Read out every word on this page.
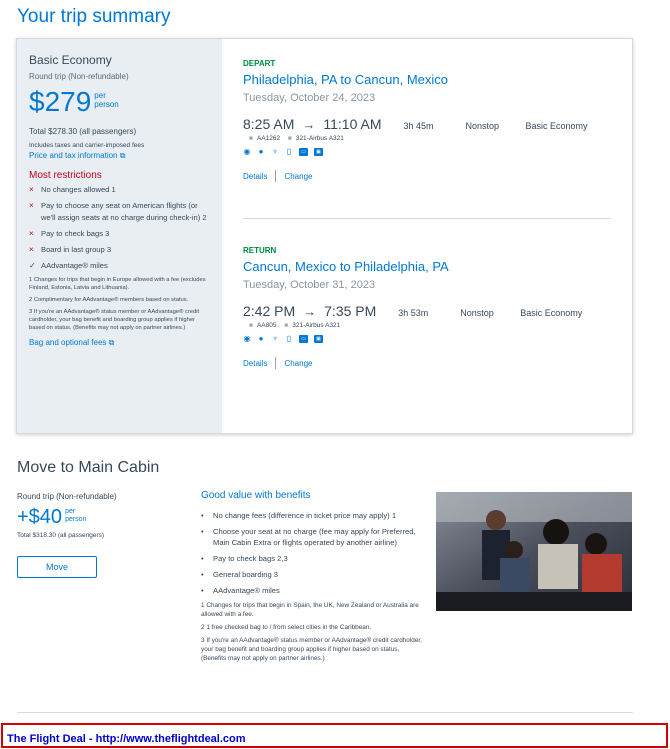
Your trip summary
Basic Economy
Round trip (Non-refundable)
$279 per
person
Total $278.30 (all passengers)
Includes taxes and carrier-imposed fees
Price and tax information ⧉
Most restrictions
× No changes allowed 1
× Pay to choose any seat on American flights (or we'll assign seats at no charge during check-in) 2
× Pay to check bags 3
× Board in last group 3
✓ AAdvantage® miles

1 Changes for trips that begin in Europe allowed with a fee (excludes Finland, Estonia, Latvia and Lithuania).

2 Complimentary for AAdvantage® members based on status.

3 If you're an AAdvantage® status member or AAdvantage® credit cardholder, your bag benefit and boarding group applies if higher based on status. (Benefits may not apply on partner airlines.)

Bag and optional fees ⧉
DEPART
Philadelphia, PA to Cancun, Mexico
Tuesday, October 24, 2023
8:25 AM → 11:10 AM 3h 45m	Nonstop	Basic Economy
■ AA1262 ■ 321-Airbus A321
◉ ● ♆ ▯	▭	▣
Details Change
RETURN
Cancun, Mexico to Philadelphia, PA
Tuesday, October 31, 2023
2:42 PM → 7:35 PM 3h 53m	Nonstop	Basic Economy
■ AA805 ■ 321-Airbus A321
◉ ● ♆ ▯	▭	▣
Details Change
Move to Main Cabin
Round trip (Non-refundable)
+$40 per
person
Total $318.30 (all passengers)
Move
Good value with benefits
•	No change fees (difference in ticket price may apply) 1
•	Choose your seat at no charge (fee may apply for Preferred, Main Cabin Extra or flights operated by another airline)
•	Pay to check bags 2,3
•	General boarding 3
•	AAdvantage® miles

1 Changes for trips that begin in Spain, the UK, New Zealand or Australia are allowed with a fee.

2 1 free checked bag to / from select cities in the Caribbean.

3 If you're an AAdvantage® status member or AAdvantage® credit cardholder, your bag benefit and boarding group applies if higher based on status. (Benefits may not apply on partner airlines.)

The Flight Deal - http://www.theflightdeal.com
